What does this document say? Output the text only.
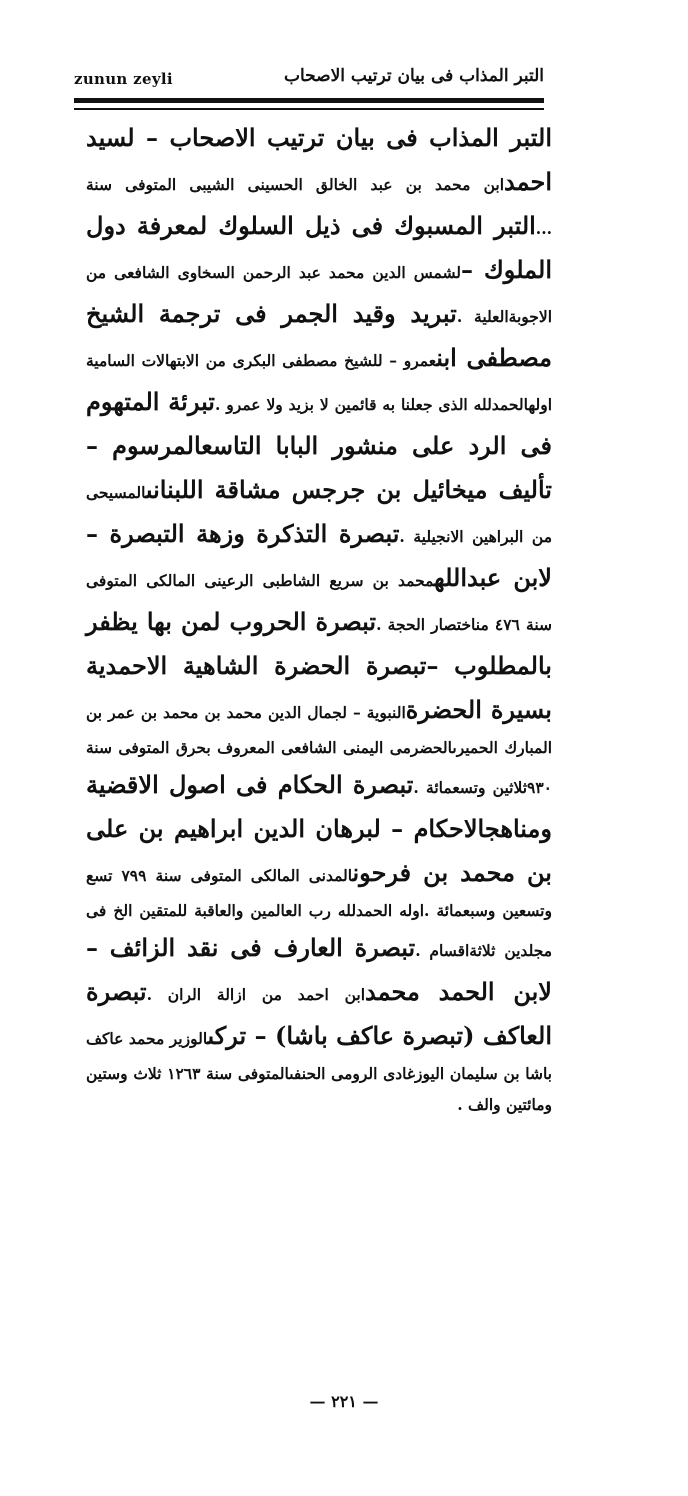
zunun zeyli	التبر المذاب فى بيان ترتيب الاصحاب
التبر المذاب فى بيان ترتيب الاصحاب – لسيد احمدابن محمد بن عبد الخالق الحسينى الشيبى المتوفى سنة ...التبر المسبوك فى ذيل السلوك لمعرفة دول الملوك –لشمس الدين محمد عبد الرحمن السخاوى الشافعى من الاجوبةالعلية .تبريد وقيد الجمر فى ترجمة الشيخ مصطفى ابنعمرو – للشيخ مصطفى البكرى من الابتهالات السامية اولهالحمدلله الذى جعلنا به قائمين لا بزيد ولا عمرو .تبرئة المتهوم فى الرد على منشور البابا التاسعالمرسوم – تأليف ميخائيل بن جرجس مشاقة اللبنانىالمسيحى من البراهين الانجيلية .تبصرة التذكرة وزهة التبصرة – لابن عبداللهمحمد بن سريع الشاطبى الرعينى المالكى المتوفى سنة ٤٧٦ مناختصار الحجة .تبصرة الحروب لمن بها يظفر بالمطلوب –تبصرة الحضرة الشاهية الاحمدية بسيرة الحضرةالنبوية – لجمال الدين محمد بن محمد بن عمر بن المبارك الحميرىالحضرمى اليمنى الشافعى المعروف بحرق المتوفى سنة ٩٣٠ثلاثين وتسعمائة .تبصرة الحكام فى اصول الاقضية ومناهجالاحكام – لبرهان الدين ابراهيم بن على بن محمد بن فرحونالمدنى المالكى المتوفى سنة ٧٩٩ تسع وتسعين وسبعمائة .اوله الحمدلله رب العالمين والعاقبة للمتقين الخ فى مجلدين ثلاثةاقسام .تبصرة العارف فى نقد الزائف – لابن الحمد محمدابن احمد من ازالة الران .تبصرة العاكف (تبصرة عاكف باشا) – تركىالوزير محمد عاكف باشا بن سليمان اليوزغادى الرومى الحنفىالمتوفى سنة ١٢٦٣ ثلاث وستين ومائتين والف .
— ٢٢١ —
